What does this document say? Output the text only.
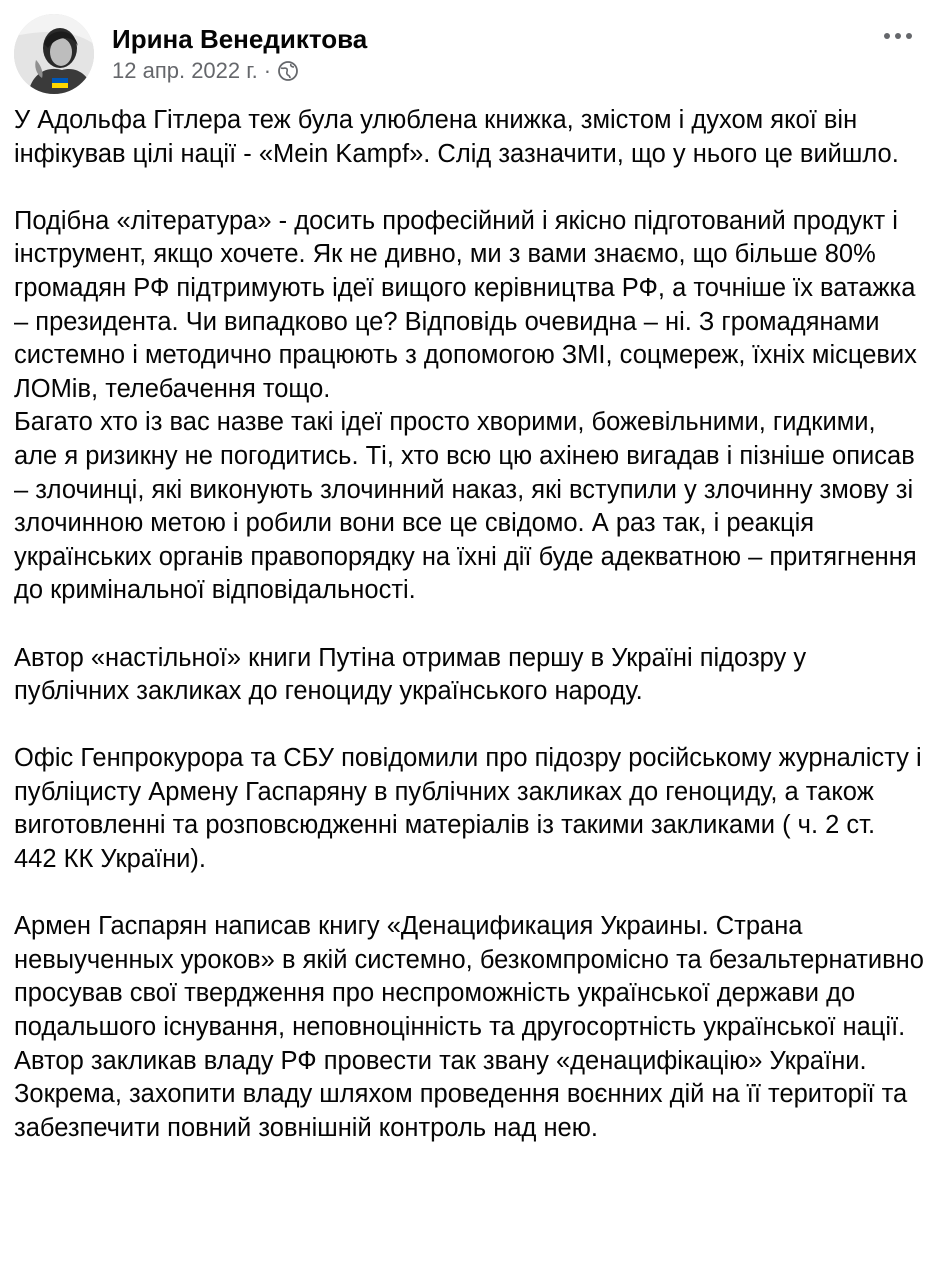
Ирина Венедиктова
12 апр. 2022 г. ·

У Адольфа Гітлера теж була улюблена книжка, змістом і духом якої він інфікував цілі нації - «Mein Kampf». Слід зазначити, що у нього це вийшло.

Подібна «література» - досить професійний і якісно підготований продукт і інструмент, якщо хочете. Як не дивно, ми з вами знаємо, що більше 80% громадян РФ підтримують ідеї вищого керівництва РФ, а точніше їх ватажка – президента. Чи випадково це? Відповідь очевидна – ні. З громадянами системно і методично працюють з допомогою ЗМІ, соцмереж, їхніх місцевих ЛОМів, телебачення тощо.

Багато хто із вас назве такі ідеї просто хворими, божевільними, гидкими, але я ризикну не погодитись. Ті, хто всю цю ахінею вигадав і пізніше описав – злочинці, які виконують злочинний наказ, які вступили у злочинну змову зі злочинною метою і робили вони все це свідомо. А раз так, і реакція українських органів правопорядку на їхні дії буде адекватною – притягнення до кримінальної відповідальності.

Автор «настільної» книги Путіна отримав першу в Україні підозру у публічних закликах до геноциду українського народу.

Офіс Генпрокурора та СБУ повідомили про підозру російському журналісту і публіцисту Армену Гаспаряну в публічних закликах до геноциду, а також виготовленні та розповсюдженні матеріалів із такими закликами ( ч. 2 ст. 442 КК України).

Армен Гаспарян написав книгу «Денацификация Украины. Страна невыученных уроков» в якій системно, безкомпромісно та безальтернативно просував свої твердження про неспроможність української держави до подальшого існування, неповноцінність та другосортність української нації. Автор закликав владу РФ провести так звану «денацифікацію» України. Зокрема, захопити владу шляхом проведення воєнних дій на її території та забезпечити повний зовнішній контроль над нею.
